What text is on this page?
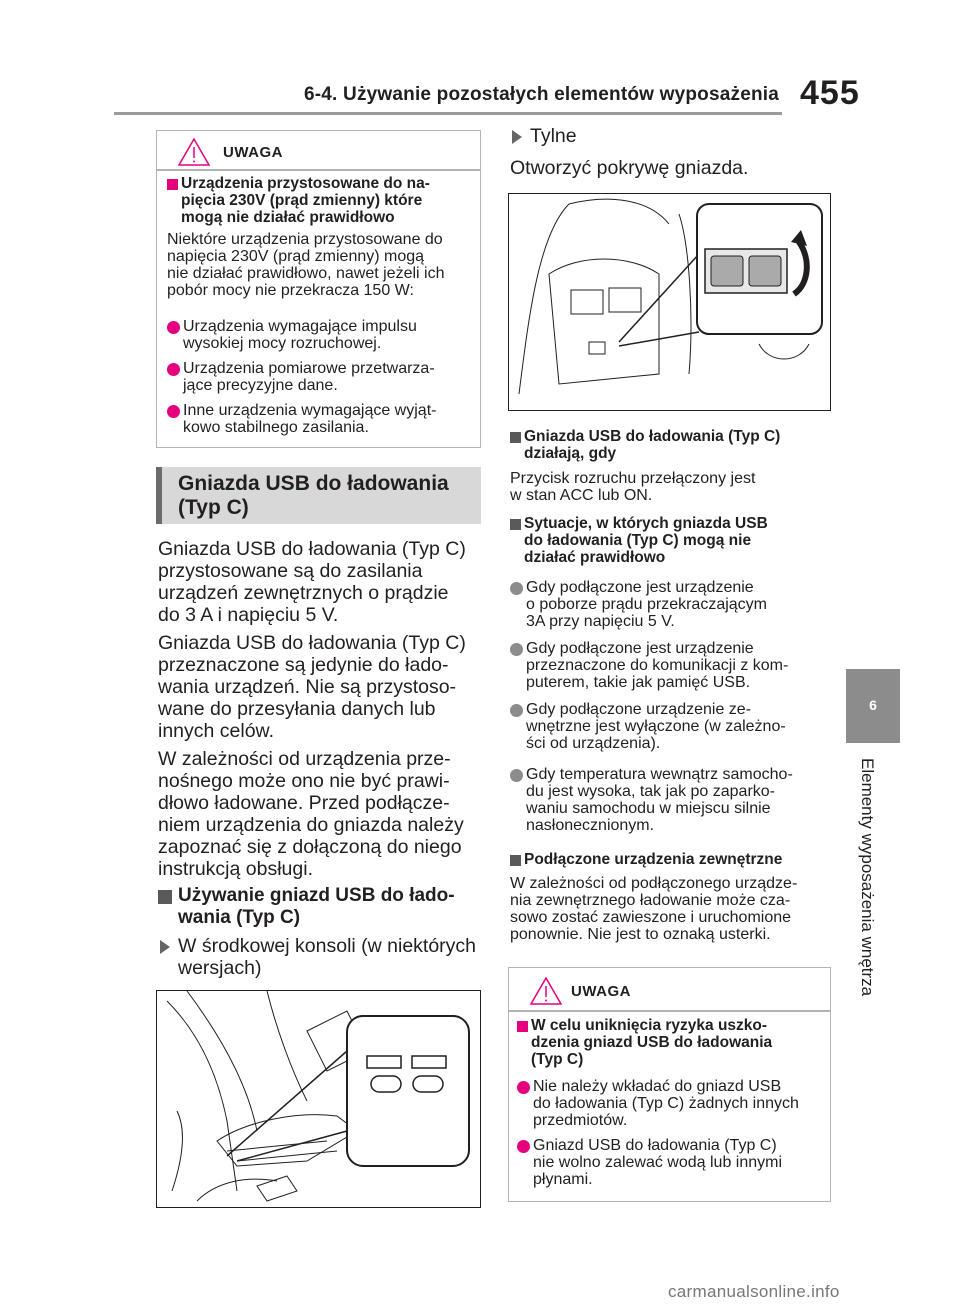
6-4. Używanie pozostałych elementów wyposażenia 455
6
Elementy wyposażenia wnętrza
UWAGA
Urządzenia przystosowane do na-
pięcia 230V (prąd zmienny) które
mogą nie działać prawidłowo
Niektóre urządzenia przystosowane do
napięcia 230V (prąd zmienny) mogą
nie działać prawidłowo, nawet jeżeli ich
pobór mocy nie przekracza 150 W:
Urządzenia wymagające impulsu
wysokiej mocy rozruchowej.
Urządzenia pomiarowe przetwarza-
jące precyzyjne dane.
Inne urządzenia wymagające wyjąt-
kowo stabilnego zasilania.
Gniazda USB do ładowania
(Typ C)
Gniazda USB do ładowania (Typ C)
przystosowane są do zasilania
urządzeń zewnętrznych o prądzie
do 3 A i napięciu 5 V.
Gniazda USB do ładowania (Typ C)
przeznaczone są jedynie do łado-
wania urządzeń. Nie są przystoso-
wane do przesyłania danych lub
innych celów.
W zależności od urządzenia prze-
nośnego może ono nie być prawi-
dłowo ładowane. Przed podłącze-
niem urządzenia do gniazda należy
zapoznać się z dołączoną do niego
instrukcją obsługi.
Używanie gniazd USB do łado-
wania (Typ C)
W środkowej konsoli (w niektórych
wersjach)
Tylne
Otworzyć pokrywę gniazda.
Gniazda USB do ładowania (Typ C)
działają, gdy
Przycisk rozruchu przełączony jest
w stan ACC lub ON.
Sytuacje, w których gniazda USB
do ładowania (Typ C) mogą nie
działać prawidłowo
Gdy podłączone jest urządzenie
o poborze prądu przekraczającym
3A przy napięciu 5 V.
Gdy podłączone jest urządzenie
przeznaczone do komunikacji z kom-
puterem, takie jak pamięć USB.
Gdy podłączone urządzenie ze-
wnętrzne jest wyłączone (w zależno-
ści od urządzenia).
Gdy temperatura wewnątrz samocho-
du jest wysoka, tak jak po zaparko-
waniu samochodu w miejscu silnie
nasłonecznionym.
Podłączone urządzenia zewnętrzne
W zależności od podłączonego urządze-
nia zewnętrznego ładowanie może cza-
sowo zostać zawieszone i uruchomione
ponownie. Nie jest to oznaką usterki.
UWAGA
W celu uniknięcia ryzyka uszko-
dzenia gniazd USB do ładowania
(Typ C)
Nie należy wkładać do gniazd USB
do ładowania (Typ C) żadnych innych
przedmiotów.
Gniazd USB do ładowania (Typ C)
nie wolno zalewać wodą lub innymi
płynami.
carmanualsonline.info
